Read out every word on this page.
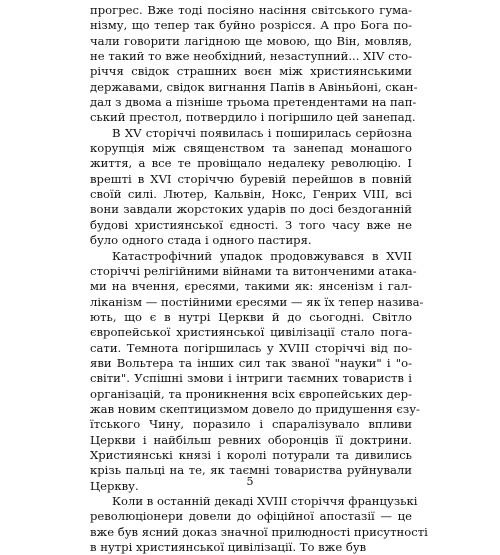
прогрес. Вже тоді посіяно насіння світського гума-
нізму, що тепер так буйно розрісся. А про Бога по-
чали говорити лагідною ще мовою, що Він, мовляв,
не такий то вже необхідний, незаступний... XIV сто-
річчя свідок страшних воєн між християнськими
державами, свідок вигнання Папів в Авіньйоні, скан-
дал з двома а пізніше трьома претендентами на пап-
ський престол, потвердило і погіршило цей занепад.
В XV сторіччі появилась і поширилась серйозна
корупція між священством та занепад монашого
життя, а все те провіщало недалеку революцію. І
врешті в XVI сторіччю буревій перейшов в повній
своїй силі. Лютер, Кальвін, Нокс, Генрих VIII, всі
вони завдали жорстоких ударів по досі бездоганній
будові християнської єдності. З того часу вже не
було одного стада і одного пастиря.
Катастрофічний упадок продовжувався в XVII
сторіччі релігійними війнами та витонченими атака-
ми на вчення, єресями, такими як: янсенізм і гал-
ліканізм — постійними єресями — як їх тепер назива-
ють, що є в нутрі Церкви й до сьогодні. Світло
європейської християнської цивілізації стало пога-
сати. Темнота погіршилась у XVIII сторіччі від по-
яви Вольтера та інших сил так званої "науки" і "о-
світи". Успішні змови і інтриги таємних товариств і
організацій, та проникнення всіх європейських дер-
жав новим скептицизмом довело до придушення єзу-
їтського Чину, поразило і спаралізувало впливи
Церкви і найбільш ревних оборонців її доктрини.
Християнські князі і королі потурали та дивились
крізь пальці на те, як таємні товариства руйнували
Церкву.
Коли в останній декаді XVIII сторіччя французькі
революціонери довели до офіційної апостазії — це
вже був ясний доказ значної прилюдності присутності
в нутрі християнської цивілізації. То вже був
5
